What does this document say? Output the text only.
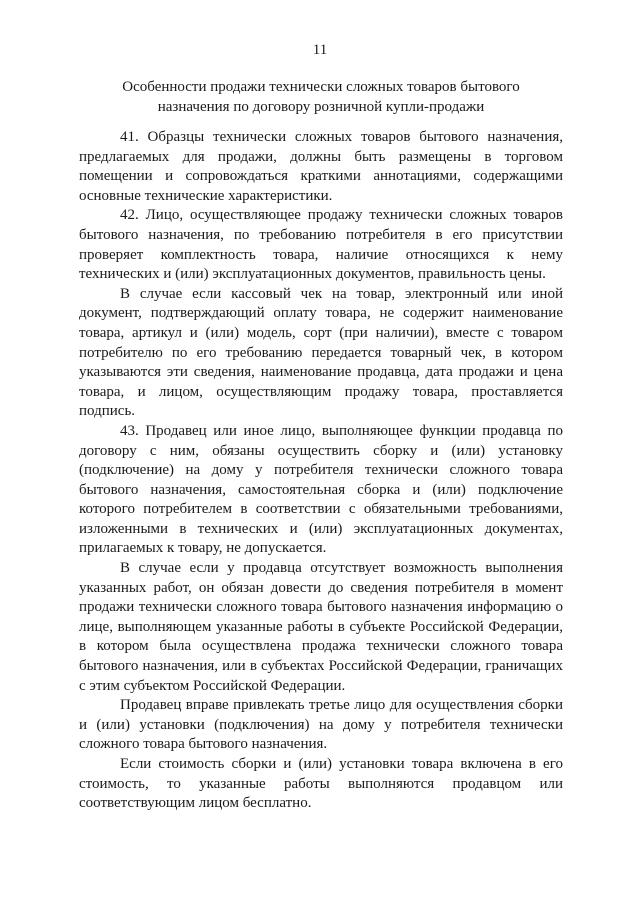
11
Особенности продажи технически сложных товаров бытового
назначения по договору розничной купли-продажи

41. Образцы технически сложных товаров бытового назначения, предлагаемых для продажи, должны быть размещены в торговом помещении и сопровождаться краткими аннотациями, содержащими основные технические характеристики.

42. Лицо, осуществляющее продажу технически сложных товаров бытового назначения, по требованию потребителя в его присутствии проверяет комплектность товара, наличие относящихся к нему технических и (или) эксплуатационных документов, правильность цены.

В случае если кассовый чек на товар, электронный или иной документ, подтверждающий оплату товара, не содержит наименование товара, артикул и (или) модель, сорт (при наличии), вместе с товаром потребителю по его требованию передается товарный чек, в котором указываются эти сведения, наименование продавца, дата продажи и цена товара, и лицом, осуществляющим продажу товара, проставляется подпись.

43. Продавец или иное лицо, выполняющее функции продавца по договору с ним, обязаны осуществить сборку и (или) установку (подключение) на дому у потребителя технически сложного товара бытового назначения, самостоятельная сборка и (или) подключение которого потребителем в соответствии с обязательными требованиями, изложенными в технических и (или) эксплуатационных документах, прилагаемых к товару, не допускается.

В случае если у продавца отсутствует возможность выполнения указанных работ, он обязан довести до сведения потребителя в момент продажи технически сложного товара бытового назначения информацию о лице, выполняющем указанные работы в субъекте Российской Федерации, в котором была осуществлена продажа технически сложного товара бытового назначения, или в субъектах Российской Федерации, граничащих с этим субъектом Российской Федерации.

Продавец вправе привлекать третье лицо для осуществления сборки и (или) установки (подключения) на дому у потребителя технически сложного товара бытового назначения.

Если стоимость сборки и (или) установки товара включена в его стоимость, то указанные работы выполняются продавцом или соответствующим лицом бесплатно.
